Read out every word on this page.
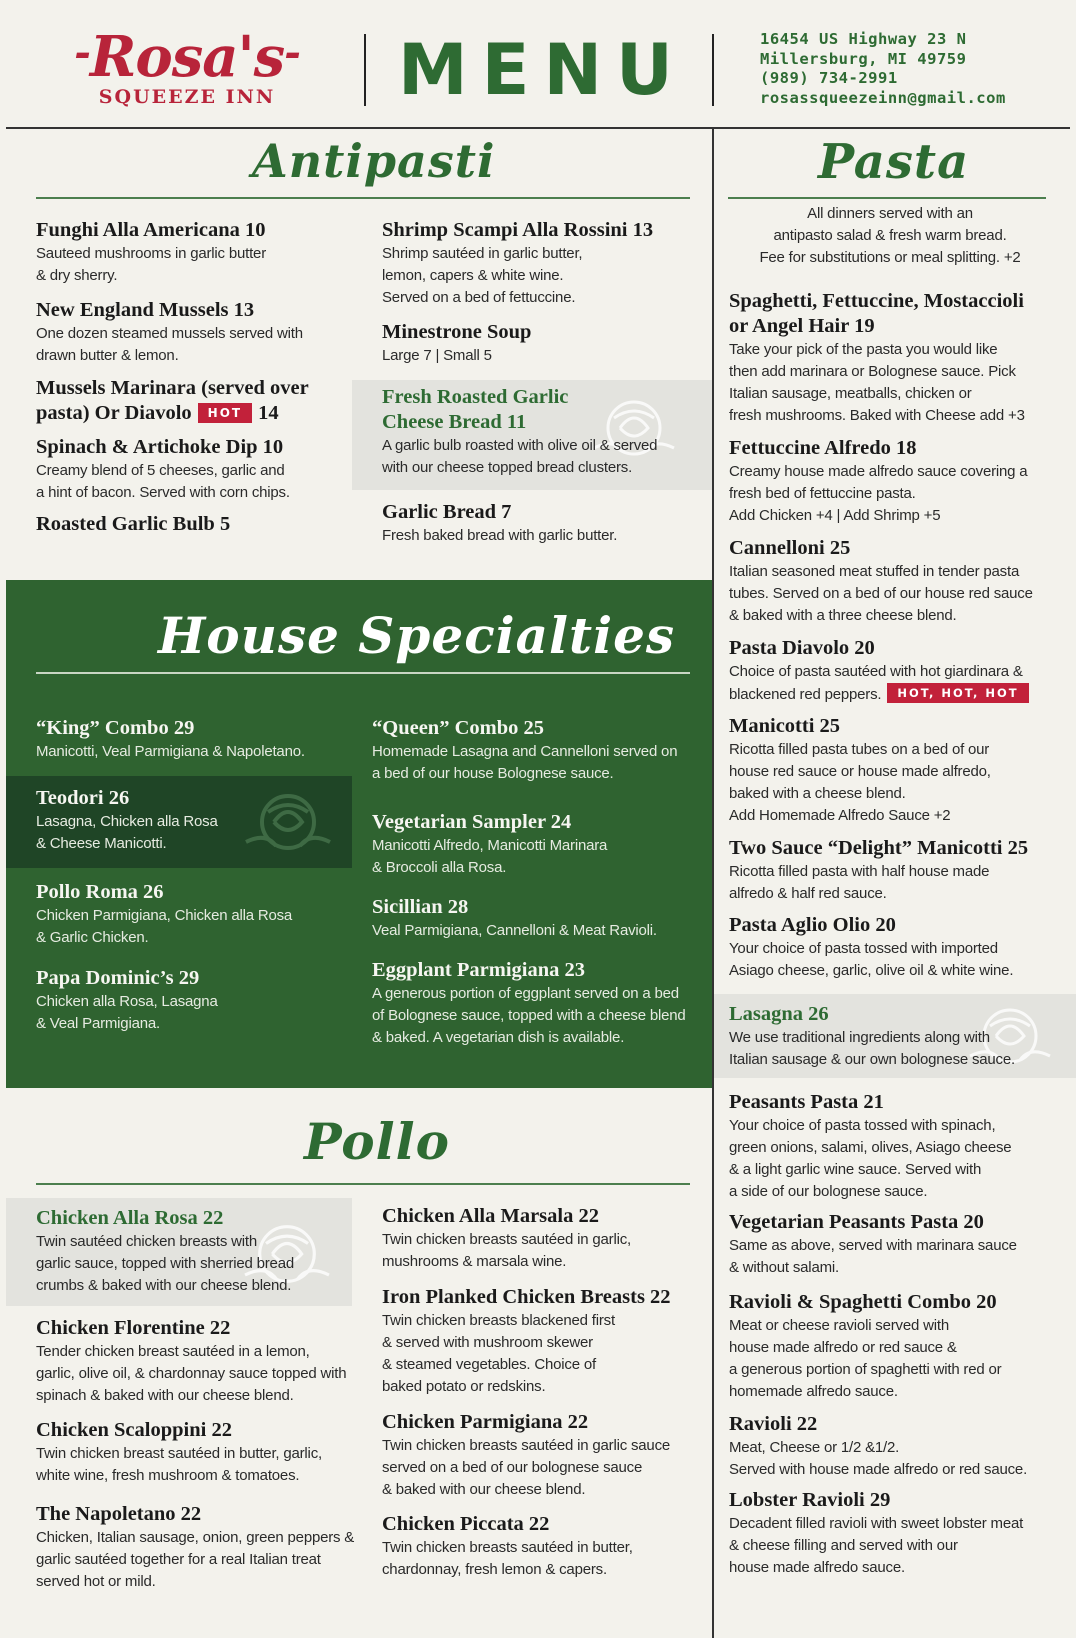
-Rosa's-
SQUEEZE INN	MENU	16454 US Highway 23 N
Millersburg, MI 49759
(989) 734-2991
rosassqueezeinn@gmail.com
Antipasti
House Specialties
Pollo
Pasta
All dinners served with an
antipasto salad & fresh warm bread.
Fee for substitutions or meal splitting. +2
Funghi Alla Americana 10
Sauteed mushrooms in garlic butter
& dry sherry.
New England Mussels 13
One dozen steamed mussels served with
drawn butter & lemon.
Mussels Marinara (served over
pasta) Or Diavolo HOT 14
Spinach & Artichoke Dip 10
Creamy blend of 5 cheeses, garlic and
a hint of bacon. Served with corn chips.
Roasted Garlic Bulb 5
Shrimp Scampi Alla Rossini 13
Shrimp sautéed in garlic butter,
lemon, capers & white wine.
Served on a bed of fettuccine.
Minestrone Soup
Large 7 | Small 5
Fresh Roasted Garlic
Cheese Bread 11
A garlic bulb roasted with olive oil & served
with our cheese topped bread clusters.
Garlic Bread 7
Fresh baked bread with garlic butter.
“King” Combo 29
Manicotti, Veal Parmigiana & Napoletano.
Teodori 26
Lasagna, Chicken alla Rosa
& Cheese Manicotti.
Pollo Roma 26
Chicken Parmigiana, Chicken alla Rosa
& Garlic Chicken.
Papa Dominic’s 29
Chicken alla Rosa, Lasagna
& Veal Parmigiana.
“Queen” Combo 25
Homemade Lasagna and Cannelloni served on
a bed of our house Bolognese sauce.
Vegetarian Sampler 24
Manicotti Alfredo, Manicotti Marinara
& Broccoli alla Rosa.
Sicillian 28
Veal Parmigiana, Cannelloni & Meat Ravioli.
Eggplant Parmigiana 23
A generous portion of eggplant served on a bed
of Bolognese sauce, topped with a cheese blend
& baked. A vegetarian dish is available.
Chicken Alla Rosa 22
Twin sautéed chicken breasts with
garlic sauce, topped with sherried bread
crumbs & baked with our cheese blend.
Chicken Florentine 22
Tender chicken breast sautéed in a lemon,
garlic, olive oil, & chardonnay sauce topped with
spinach & baked with our cheese blend.
Chicken Scaloppini 22
Twin chicken breast sautéed in butter, garlic,
white wine, fresh mushroom & tomatoes.
The Napoletano 22
Chicken, Italian sausage, onion, green peppers &
garlic sautéed together for a real Italian treat
served hot or mild.
Chicken Alla Marsala 22
Twin chicken breasts sautéed in garlic,
mushrooms & marsala wine.
Iron Planked Chicken Breasts 22
Twin chicken breasts blackened first
& served with mushroom skewer
& steamed vegetables. Choice of
baked potato or redskins.
Chicken Parmigiana 22
Twin chicken breasts sautéed in garlic sauce
served on a bed of our bolognese sauce
& baked with our cheese blend.
Chicken Piccata 22
Twin chicken breasts sautéed in butter,
chardonnay, fresh lemon & capers.
Spaghetti, Fettuccine, Mostaccioli
or Angel Hair 19
Take your pick of the pasta you would like
then add marinara or Bolognese sauce. Pick
Italian sausage, meatballs, chicken or
fresh mushrooms. Baked with Cheese add +3
Fettuccine Alfredo 18
Creamy house made alfredo sauce covering a
fresh bed of fettuccine pasta.
Add Chicken +4 | Add Shrimp +5
Cannelloni 25
Italian seasoned meat stuffed in tender pasta
tubes. Served on a bed of our house red sauce
& baked with a three cheese blend.
Pasta Diavolo 20
Choice of pasta sautéed with hot giardinara &
blackened red peppers. HOT, HOT, HOT
Manicotti 25
Ricotta filled pasta tubes on a bed of our
house red sauce or house made alfredo,
baked with a cheese blend.
Add Homemade Alfredo Sauce +2
Two Sauce “Delight” Manicotti 25
Ricotta filled pasta with half house made
alfredo & half red sauce.
Pasta Aglio Olio 20
Your choice of pasta tossed with imported
Asiago cheese, garlic, olive oil & white wine.
Lasagna 26
We use traditional ingredients along with
Italian sausage & our own bolognese sauce.
Peasants Pasta 21
Your choice of pasta tossed with spinach,
green onions, salami, olives, Asiago cheese
& a light garlic wine sauce. Served with
a side of our bolognese sauce.
Vegetarian Peasants Pasta 20
Same as above, served with marinara sauce
& without salami.
Ravioli & Spaghetti Combo 20
Meat or cheese ravioli served with
house made alfredo or red sauce &
a generous portion of spaghetti with red or
homemade alfredo sauce.
Ravioli 22
Meat, Cheese or 1/2 &1/2.
Served with house made alfredo or red sauce.
Lobster Ravioli 29
Decadent filled ravioli with sweet lobster meat
& cheese filling and served with our
house made alfredo sauce.
